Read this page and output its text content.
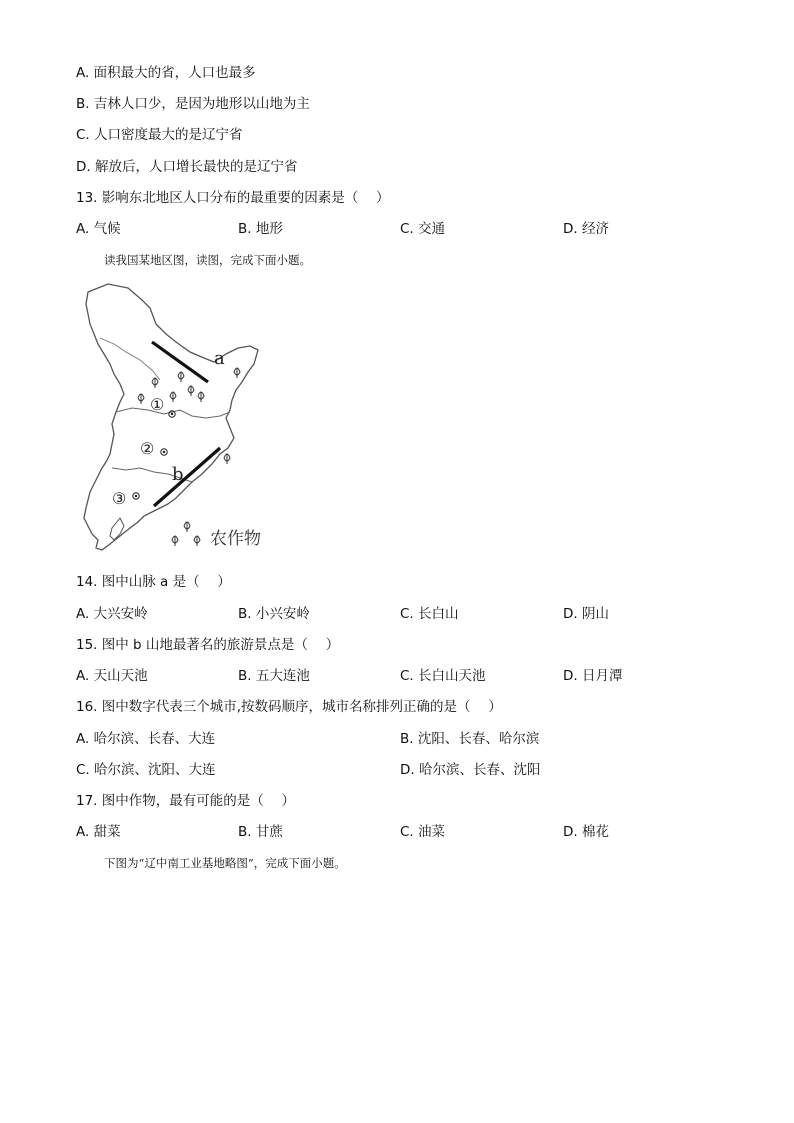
A. 面积最大的省，人口也最多
B. 吉林人口少，是因为地形以山地为主
C. 人口密度最大的是辽宁省
D. 解放后，人口增长最快的是辽宁省
13. 影响东北地区人口分布的最重要的因素是（　 ）
A. 气候	B. 地形	C. 交通	D. 经济
读我国某地区图，读图，完成下面小题。
a
b
①
②
③
农作物
14. 图中山脉 a 是（　 ）
A. 大兴安岭	B. 小兴安岭	C. 长白山	D. 阴山
15. 图中 b 山地最著名的旅游景点是（　 ）
A. 天山天池	B. 五大连池	C. 长白山天池	D. 日月潭
16. 图中数字代表三个城市,按数码顺序，城市名称排列正确的是（　 ）
A. 哈尔滨、长春、大连	B. 沈阳、长春、哈尔滨
C. 哈尔滨、沈阳、大连	D. 哈尔滨、长春、沈阳
17. 图中作物，最有可能的是（　 ）
A. 甜菜	B. 甘蔗	C. 油菜	D. 棉花
下图为“辽中南工业基地略图”，完成下面小题。
